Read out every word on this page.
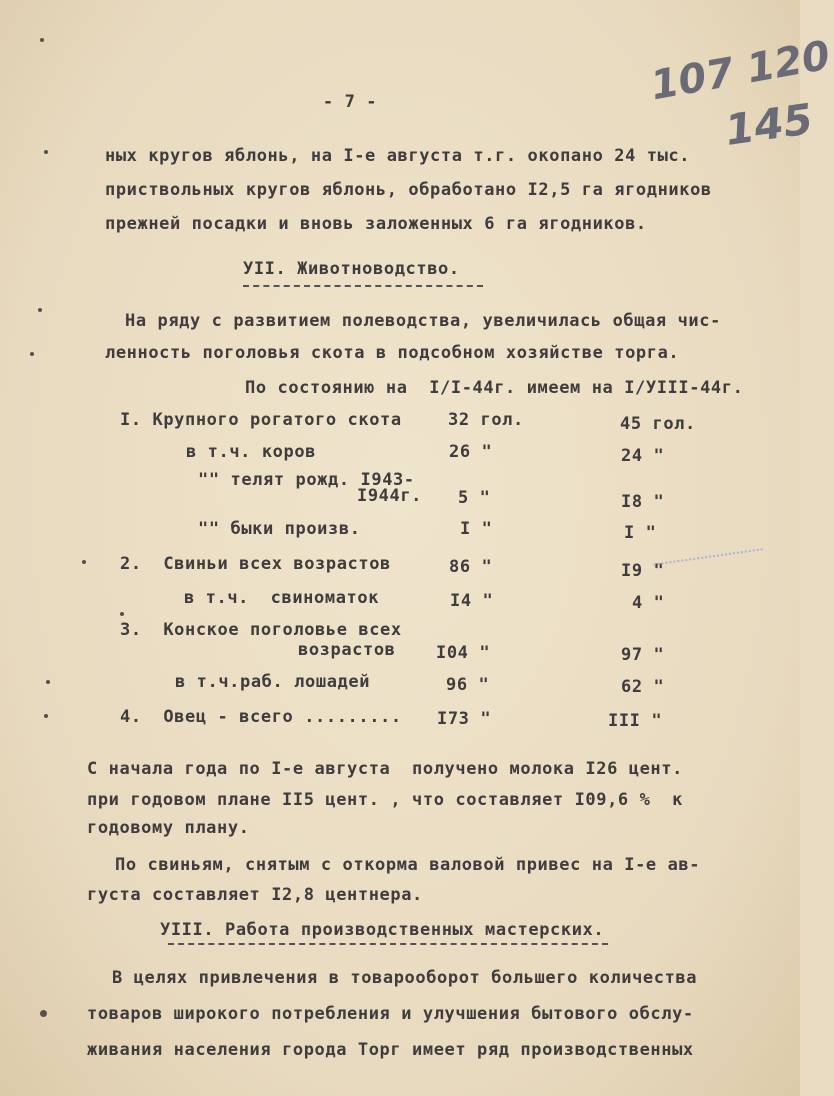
107 120
145
- 7 -
ных кругов яблонь, на I-е августа т.г. окопано 24 тыс.
приствольных кругов яблонь, обработано I2,5 га ягодников
прежней посадки и вновь заложенных 6 га ягодников.
УII. Животноводство.
На ряду с развитием полеводства, увеличилась общая чис-
ленность поголовья скота в подсобном хозяйстве торга.
По состоянию на  I/I-44г. имеем на I/УIII-44г.
I. Крупного рогатого скота	32 гол.	45 гол.
в т.ч. коров	26 "	24 "
"" телят рожд. I943-
I944г. 5 "	I8 "
"" быки произв.	I "	I "
2.  Свиньи всех возрастов	86 "	I9 "
в т.ч.  свиноматок	I4 "	4 "
3.  Конское поголовье всех
возрастов I04 "	97 "
в т.ч.раб. лошадей	96 "	62 "
4.  Овец - всего ......... I73 "	III "
С начала года по I-е августа  получено молока I26 цент.
при годовом плане II5 цент. , что составляет I09,6 %  к
годовому плану.
По свиньям, снятым с откорма валовой привес на I-е ав-
густа составляет I2,8 центнера.
УIII. Работа производственных мастерских.
В целях привлечения в товарооборот большего количества
товаров широкого потребления и улучшения бытового обслу-
живания населения города Торг имеет ряд производственных
